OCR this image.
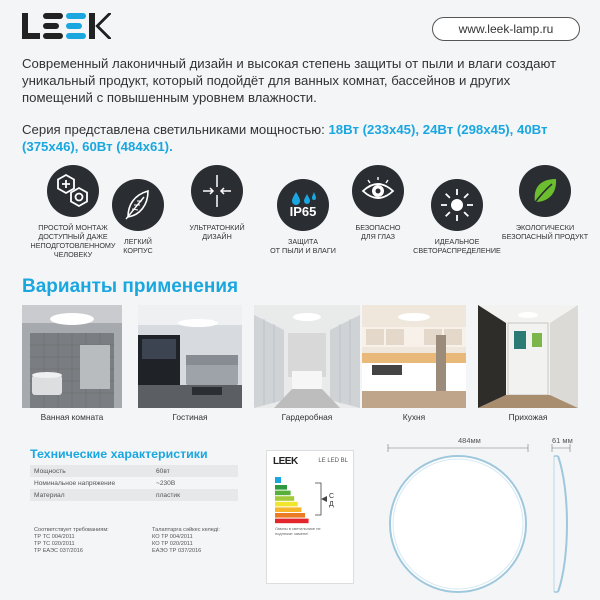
www.leek-lamp.ru

Современный лаконичный дизайн и высокая степень защиты от пыли и влаги создают уникальный продукт, который подойдёт для ванных комнат, бассейнов и других помещений с повышенным уровнем влажности.

Серия представлена светильниками мощностью: 18Вт (233х45), 24Вт (298х45), 40Вт (375х46), 60Вт (484х61).

ПРОСТОЙ МОНТАЖ
ДОСТУПНЫЙ ДАЖЕ
НЕПОДГОТОВЛЕННОМУ
ЧЕЛОВЕКУ
ЛЕГКИЙ
КОРПУС
УЛЬТРАТОНКИЙ
ДИЗАЙН
IP65
ЗАЩИТА
ОТ ПЫЛИ И ВЛАГИ
БЕЗОПАСНО
ДЛЯ ГЛАЗ
ИДЕАЛЬНОЕ
СВЕТОРАСПРЕДЕЛЕНИЕ
ЭКОЛОГИЧЕСКИ
БЕЗОПАСНЫЙ ПРОДУКТ
Варианты применения
Ванная комната	Гостиная	Гардеробная	Кухня	Прихожая
Технические характеристики
Мощность	60вт
Номинальное напряжение	~230В
Материал	пластик
Соответствует требованиям:
ТР ТС 004/2011
ТР ТС 020/2011
ТР ЕАЭС 037/2016
Талаптарға сәйкес келеді:
КО ТР 004/2011
КО ТР 020/2011
ЕАЭО ТР 037/2016
LEEK	LE LED BL
С
Д
Лампы в светильнике не подлежат замене!
484мм	61 мм
